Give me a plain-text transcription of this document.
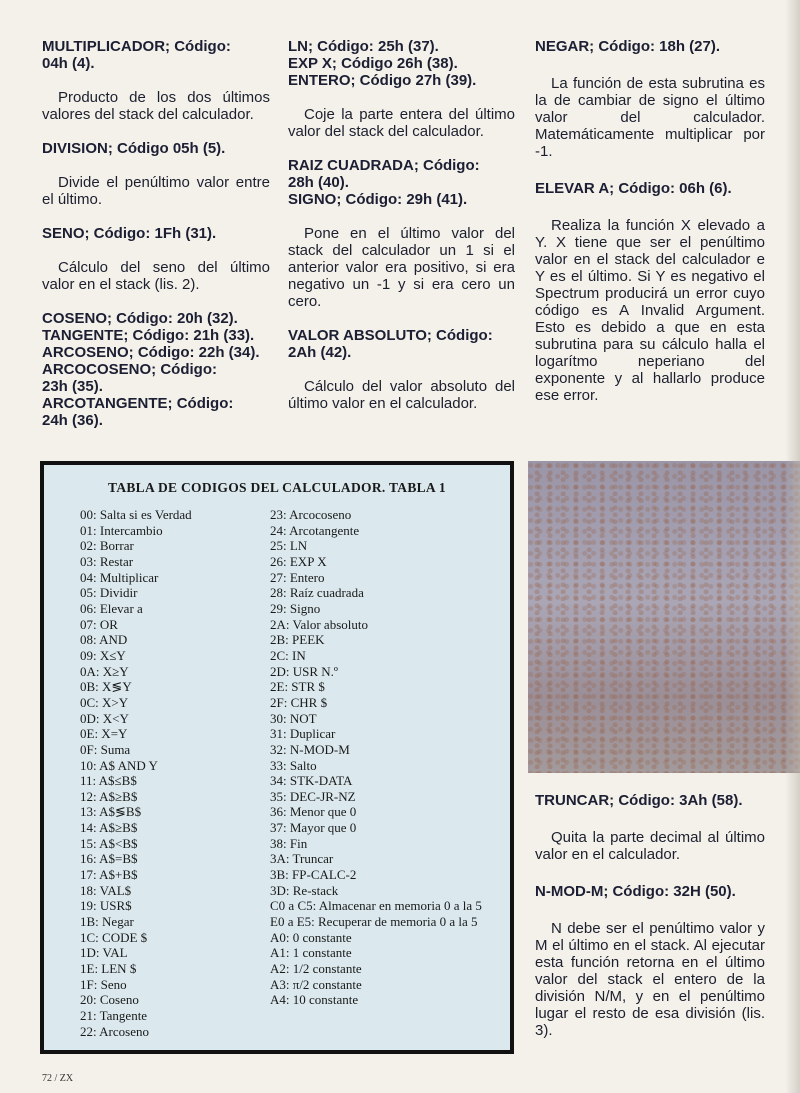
MULTIPLICADOR; Código:

04h (4).

Producto de los dos últimos valores del stack del calculador.

DIVISION; Código 05h (5).

Divide el penúltimo valor entre el último.

SENO; Código: 1Fh (31).

Cálculo del seno del último valor en el stack (lis. 2).

COSENO; Código: 20h (32).

TANGENTE; Código: 21h (33).

ARCOSENO; Código: 22h (34).

ARCOCOSENO; Código:

23h (35).

ARCOTANGENTE; Código:

24h (36).

LN; Código: 25h (37).

EXP X; Código 26h (38).

ENTERO; Código 27h (39).

Coje la parte entera del último valor del stack del calculador.

RAIZ CUADRADA; Código:

28h (40).

SIGNO; Código: 29h (41).

Pone en el último valor del stack del calculador un 1 si el anterior valor era positivo, si era negativo un -1 y si era cero un cero.

VALOR ABSOLUTO; Código:

2Ah (42).

Cálculo del valor absoluto del último valor en el calculador.

NEGAR; Código: 18h (27).

La función de esta subrutina es la de cambiar de signo el último valor del calculador. Matemáticamente multiplicar por -1.

ELEVAR A; Código: 06h (6).

Realiza la función X elevado a Y. X tiene que ser el penúltimo valor en el stack del calculador e Y es el último. Si Y es negativo el Spectrum producirá un error cuyo código es A Invalid Argument. Esto es debido a que en esta subrutina para su cálculo halla el logarítmo neperiano del exponente y al hallarlo produce ese error.

TRUNCAR; Código: 3Ah (58).

Quita la parte decimal al último valor en el calculador.

N-MOD-M; Código: 32H (50).

N debe ser el penúltimo valor y M el último en el stack. Al ejecutar esta función retorna en el último valor del stack el entero de la división N/M, y en el penúltimo lugar el resto de esa división (lis. 3).

TABLA DE CODIGOS DEL CALCULADOR. TABLA 1
00: Salta si es Verdad
01: Intercambio
02: Borrar
03: Restar
04: Multiplicar
05: Dividir
06: Elevar a
07: OR
08: AND
09: X≤Y
0A: X≥Y
0B: X≶Y
0C: X>Y
0D: X<Y
0E: X=Y
0F: Suma
10: A$ AND Y
11: A$≤B$
12: A$≥B$
13: A$≶B$
14: A$≥B$
15: A$<B$
16: A$=B$
17: A$+B$
18: VAL$
19: USR$
1B: Negar
1C: CODE $
1D: VAL
1E: LEN $
1F: Seno
20: Coseno
21: Tangente
22: Arcoseno
23: Arcocoseno
24: Arcotangente
25: LN
26: EXP X
27: Entero
28: Raíz cuadrada
29: Signo
2A: Valor absoluto
2B: PEEK
2C: IN
2D: USR N.º
2E: STR $
2F: CHR $
30: NOT
31: Duplicar
32: N-MOD-M
33: Salto
34: STK-DATA
35: DEC-JR-NZ
36: Menor que 0
37: Mayor que 0
38: Fin
3A: Truncar
3B: FP-CALC-2
3D: Re-stack
C0 a C5: Almacenar en memoria 0 a la 5
E0 a E5: Recuperar de memoria 0 a la 5
A0: 0 constante
A1: 1 constante
A2: 1/2 constante
A3: π/2 constante
A4: 10 constante
72 / ZX
